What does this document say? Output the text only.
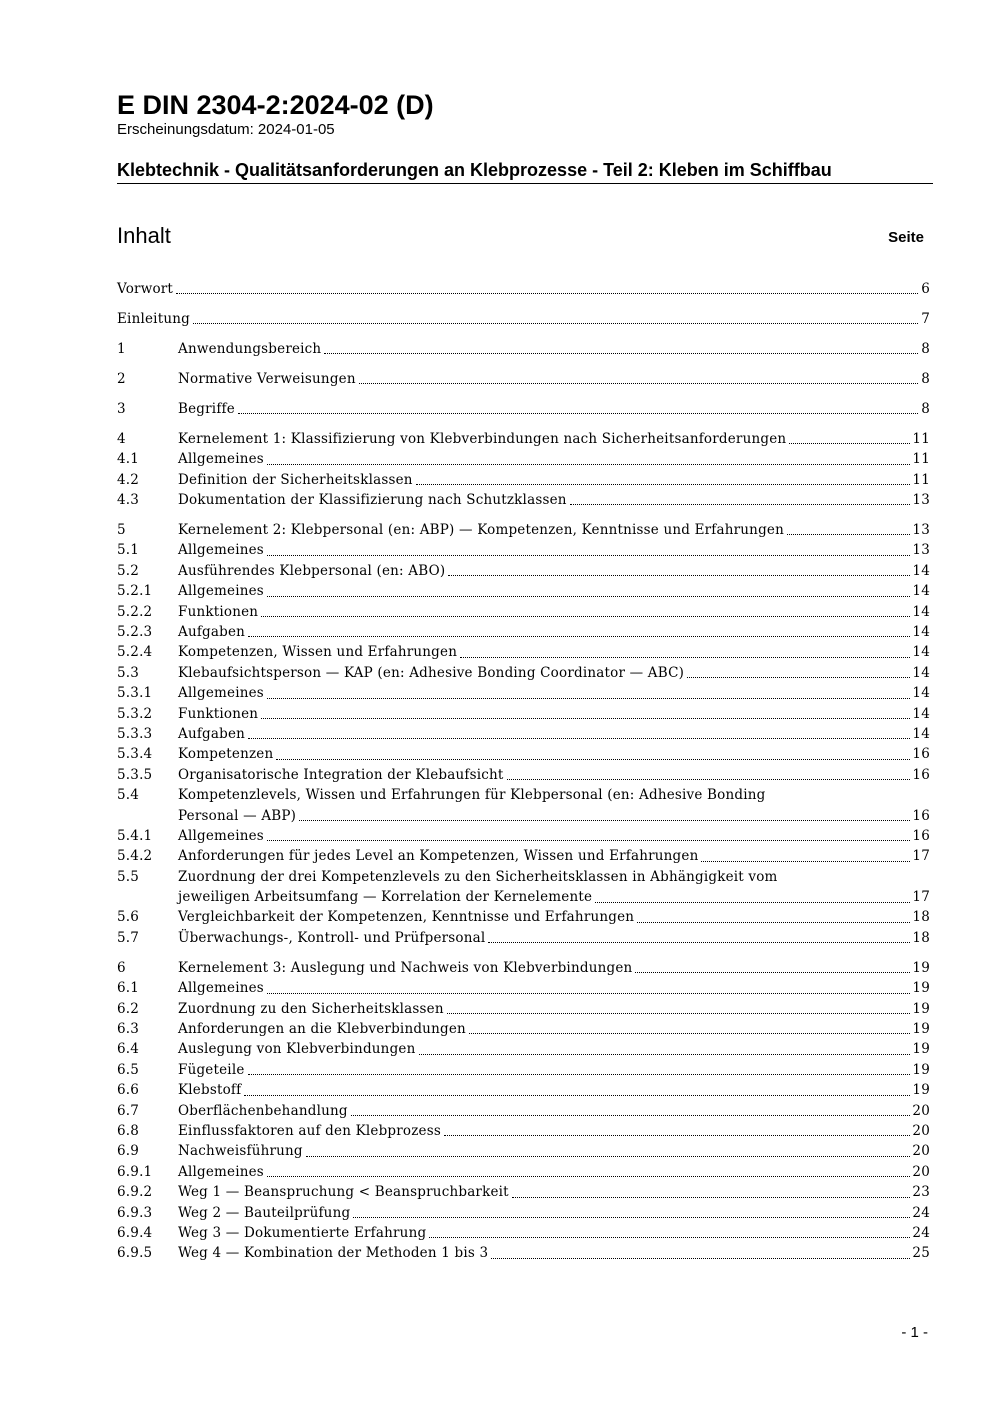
E DIN 2304-2:2024-02 (D)
Erscheinungsdatum: 2024-01-05
Klebtechnik - Qualitätsanforderungen an Klebprozesse - Teil 2: Kleben im Schiffbau
Inhalt	Seite
Vorwort	6
Einleitung	7
1	Anwendungsbereich	8
2	Normative Verweisungen	8
3	Begriffe	8
4	Kernelement 1: Klassifizierung von Klebverbindungen nach Sicherheitsanforderungen	11
4.1	Allgemeines	11
4.2	Definition der Sicherheitsklassen	11
4.3	Dokumentation der Klassifizierung nach Schutzklassen	13
5	Kernelement 2: Klebpersonal (en: ABP) — Kompetenzen, Kenntnisse und Erfahrungen	13
5.1	Allgemeines	13
5.2	Ausführendes Klebpersonal (en: ABO)	14
5.2.1	Allgemeines	14
5.2.2	Funktionen	14
5.2.3	Aufgaben	14
5.2.4	Kompetenzen, Wissen und Erfahrungen	14
5.3	Klebaufsichtsperson — KAP (en: Adhesive Bonding Coordinator — ABC)	14
5.3.1	Allgemeines	14
5.3.2	Funktionen	14
5.3.3	Aufgaben	14
5.3.4	Kompetenzen	16
5.3.5	Organisatorische Integration der Klebaufsicht	16
5.4	Kompetenzlevels, Wissen und Erfahrungen für Klebpersonal (en: Adhesive Bonding
Personal — ABP)	16
5.4.1	Allgemeines	16
5.4.2	Anforderungen für jedes Level an Kompetenzen, Wissen und Erfahrungen	17
5.5	Zuordnung der drei Kompetenzlevels zu den Sicherheitsklassen in Abhängigkeit vom
jeweiligen Arbeitsumfang — Korrelation der Kernelemente	17
5.6	Vergleichbarkeit der Kompetenzen, Kenntnisse und Erfahrungen	18
5.7	Überwachungs-, Kontroll- und Prüfpersonal	18
6	Kernelement 3: Auslegung und Nachweis von Klebverbindungen	19
6.1	Allgemeines	19
6.2	Zuordnung zu den Sicherheitsklassen	19
6.3	Anforderungen an die Klebverbindungen	19
6.4	Auslegung von Klebverbindungen	19
6.5	Fügeteile	19
6.6	Klebstoff	19
6.7	Oberflächenbehandlung	20
6.8	Einflussfaktoren auf den Klebprozess	20
6.9	Nachweisführung	20
6.9.1	Allgemeines	20
6.9.2	Weg 1 — Beanspruchung < Beanspruchbarkeit	23
6.9.3	Weg 2 — Bauteilprüfung	24
6.9.4	Weg 3 — Dokumentierte Erfahrung	24
6.9.5	Weg 4 — Kombination der Methoden 1 bis 3	25
- 1 -
